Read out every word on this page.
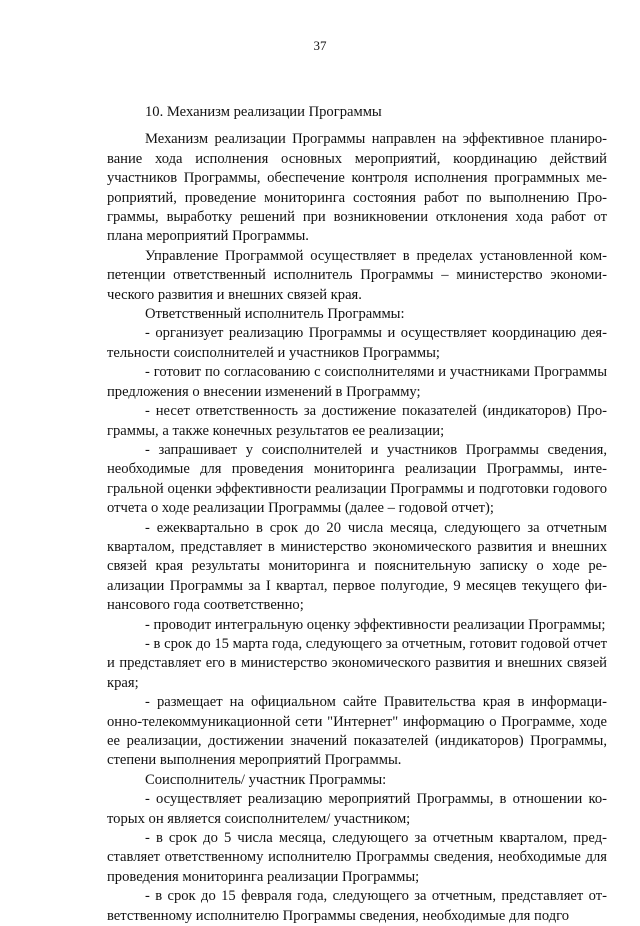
37
10. Механизм реализации Программы

Механизм реализации Программы направлен на эффективное планирование хода исполнения основных мероприятий, координацию действий участников Программы, обеспечение контроля исполнения программных мероприятий, проведение мониторинга состояния работ по выполнению Программы, выработку решений при возникновении отклонения хода работ от плана мероприятий Программы.

Управление Программой осуществляет в пределах установленной компетенции ответственный исполнитель Программы – министерство экономического развития и внешних связей края.

Ответственный исполнитель Программы:

- организует реализацию Программы и осуществляет координацию деятельности соисполнителей и участников Программы;

- готовит по согласованию с соисполнителями и участниками Программы предложения о внесении изменений в Программу;

- несет ответственность за достижение показателей (индикаторов) Программы, а также конечных результатов ее реализации;

- запрашивает у соисполнителей и участников Программы сведения, необходимые для проведения мониторинга реализации Программы, интегральной оценки эффективности реализации Программы и подготовки годового отчета о ходе реализации Программы (далее – годовой отчет);

- ежеквартально в срок до 20 числа месяца, следующего за отчетным кварталом, представляет в министерство экономического развития и внешних связей края результаты мониторинга и пояснительную записку о ходе реализации Программы за I квартал, первое полугодие, 9 месяцев текущего финансового года соответственно;

- проводит интегральную оценку эффективности реализации Программы;

- в срок до 15 марта года, следующего за отчетным, готовит годовой отчет и представляет его в министерство экономического развития и внешних связей края;

- размещает на официальном сайте Правительства края в информационно-телекоммуникационной сети "Интернет" информацию о Программе, ходе ее реализации, достижении значений показателей (индикаторов) Программы, степени выполнения мероприятий Программы.

Соисполнитель/ участник Программы:

- осуществляет реализацию мероприятий Программы, в отношении которых он является соисполнителем/ участником;

- в срок до 5 числа месяца, следующего за отчетным кварталом, представляет ответственному исполнителю Программы сведения, необходимые для проведения мониторинга реализации Программы;

- в срок до 15 февраля года, следующего за отчетным, представляет ответственному исполнителю Программы сведения, необходимые для подго
